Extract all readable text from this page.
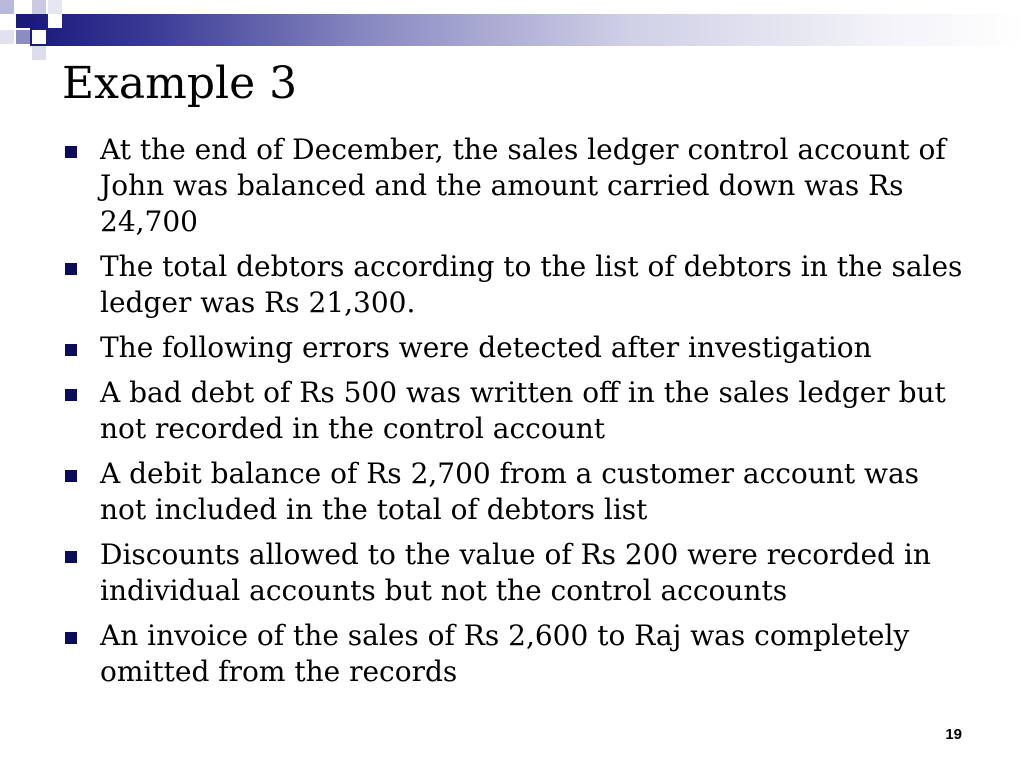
Example 3
At the end of December, the sales ledger control account of John was balanced and the amount carried down was Rs 24,700
The total debtors according to the list of debtors in the sales ledger was Rs 21,300.
The following errors were detected after investigation
A bad debt of Rs 500 was written off in the sales ledger but not recorded in the control account
A debit balance of Rs 2,700 from a customer account was not included in the total of debtors list
Discounts allowed to the value of Rs 200 were recorded in individual accounts but not the control accounts
An invoice of the sales of Rs 2,600 to Raj was completely omitted from the records
19
